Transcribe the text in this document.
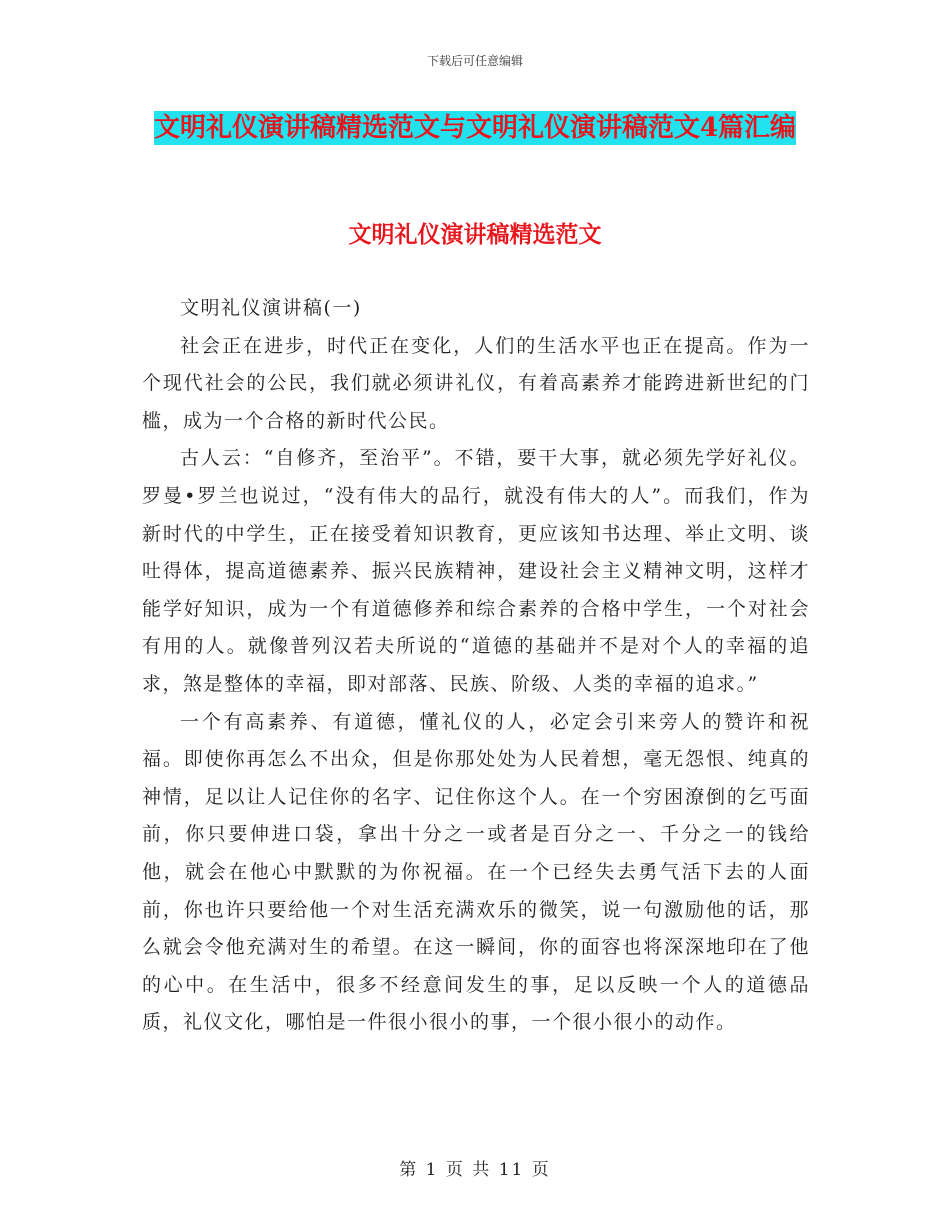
下载后可任意编辑
文明礼仪演讲稿精选范文与文明礼仪演讲稿范文4篇汇编
文明礼仪演讲稿精选范文

文明礼仪演讲稿(一)

社会正在进步，时代正在变化，人们的生活水平也正在提高。作为一个现代社会的公民，我们就必须讲礼仪，有着高素养才能跨进新世纪的门槛，成为一个合格的新时代公民。

古人云：“自修齐，至治平”。不错，要干大事，就必须先学好礼仪。罗曼•罗兰也说过，“没有伟大的品行，就没有伟大的人”。而我们，作为新时代的中学生，正在接受着知识教育，更应该知书达理、举止文明、谈吐得体，提高道德素养、振兴民族精神，建设社会主义精神文明，这样才能学好知识，成为一个有道德修养和综合素养的合格中学生，一个对社会有用的人。就像普列汉若夫所说的“道德的基础并不是对个人的幸福的追求，煞是整体的幸福，即对部落、民族、阶级、人类的幸福的追求。”

一个有高素养、有道德，懂礼仪的人，必定会引来旁人的赞许和祝福。即使你再怎么不出众，但是你那处处为人民着想，毫无怨恨、纯真的神情，足以让人记住你的名字、记住你这个人。在一个穷困潦倒的乞丐面前，你只要伸进口袋，拿出十分之一或者是百分之一、千分之一的钱给他，就会在他心中默默的为你祝福。在一个已经失去勇气活下去的人面前，你也许只要给他一个对生活充满欢乐的微笑，说一句激励他的话，那么就会令他充满对生的希望。在这一瞬间，你的面容也将深深地印在了他的心中。在生活中，很多不经意间发生的事，足以反映一个人的道德品质，礼仪文化，哪怕是一件很小很小的事，一个很小很小的动作。

第 1 页 共 11 页
